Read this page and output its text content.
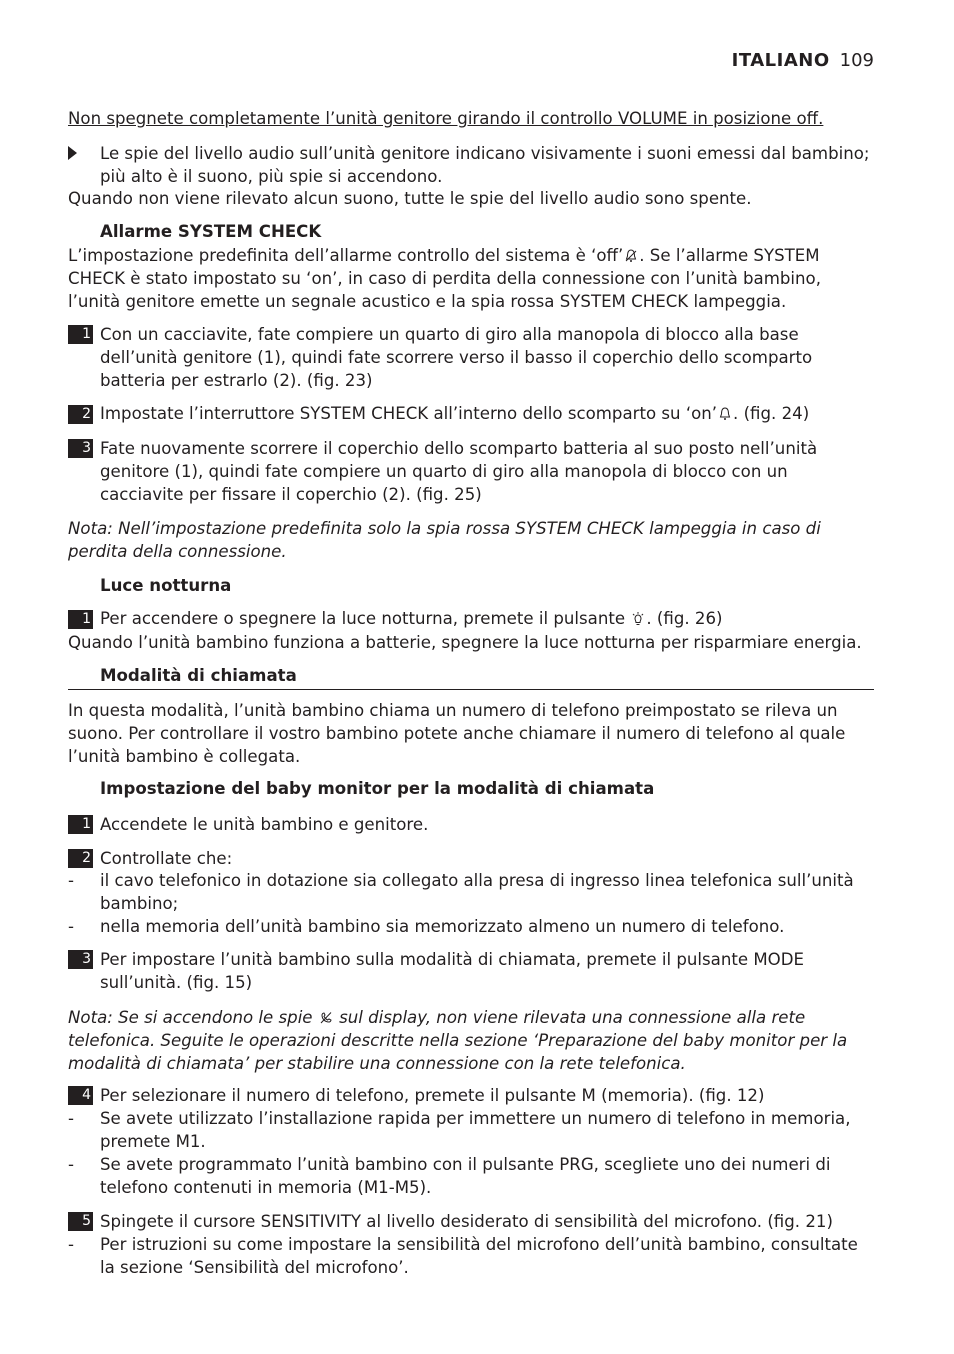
ITALIANO 109
Non spegnete completamente l’unità genitore girando il controllo VOLUME in posizione off.
Le spie del livello audio sull’unità genitore indicano visivamente i suoni emessi dal bambino; più alto è il suono, più spie si accendono.
Quando non viene rilevato alcun suono, tutte le spie del livello audio sono spente.
Allarme SYSTEM CHECK
L’impostazione predefinita dell’allarme controllo del sistema è ‘off’ . Se l’allarme SYSTEM CHECK è stato impostato su ‘on’, in caso di perdita della connessione con l’unità bambino, l’unità genitore emette un segnale acustico e la spia rossa SYSTEM CHECK lampeggia.
1 Con un cacciavite, fate compiere un quarto di giro alla manopola di blocco alla base dell’unità genitore (1), quindi fate scorrere verso il basso il coperchio dello scomparto batteria per estrarlo (2). (fig. 23)
2 Impostate l’interruttore SYSTEM CHECK all’interno dello scomparto su ‘on’ . (fig. 24)
3 Fate nuovamente scorrere il coperchio dello scomparto batteria al suo posto nell’unità genitore (1), quindi fate compiere un quarto di giro alla manopola di blocco con un cacciavite per fissare il coperchio (2). (fig. 25)
Nota: Nell’impostazione predefinita solo la spia rossa SYSTEM CHECK lampeggia in caso di perdita della connessione.
Luce notturna
1 Per accendere o spegnere la luce notturna, premete il pulsante . (fig. 26)
Quando l’unità bambino funziona a batterie, spegnere la luce notturna per risparmiare energia.
Modalità di chiamata
In questa modalità, l’unità bambino chiama un numero di telefono preimpostato se rileva un suono. Per controllare il vostro bambino potete anche chiamare il numero di telefono al quale l’unità bambino è collegata.
Impostazione del baby monitor per la modalità di chiamata
1 Accendete le unità bambino e genitore.
2 Controllate che:
- il cavo telefonico in dotazione sia collegato alla presa di ingresso linea telefonica sull’unità bambino;
- nella memoria dell’unità bambino sia memorizzato almeno un numero di telefono.
3 Per impostare l’unità bambino sulla modalità di chiamata, premete il pulsante MODE sull’unità. (fig. 15)
Nota: Se si accendono le spie  sul display, non viene rilevata una connessione alla rete telefonica. Seguite le operazioni descritte nella sezione ‘Preparazione del baby monitor per la modalità di chiamata’ per stabilire una connessione con la rete telefonica.
4 Per selezionare il numero di telefono, premete il pulsante M (memoria). (fig. 12)
- Se avete utilizzato l’installazione rapida per immettere un numero di telefono in memoria, premete M1.
- Se avete programmato l’unità bambino con il pulsante PRG, scegliete uno dei numeri di telefono contenuti in memoria (M1-M5).
5 Spingete il cursore SENSITIVITY al livello desiderato di sensibilità del microfono. (fig. 21)
- Per istruzioni su come impostare la sensibilità del microfono dell’unità bambino, consultate la sezione ‘Sensibilità del microfono’.
